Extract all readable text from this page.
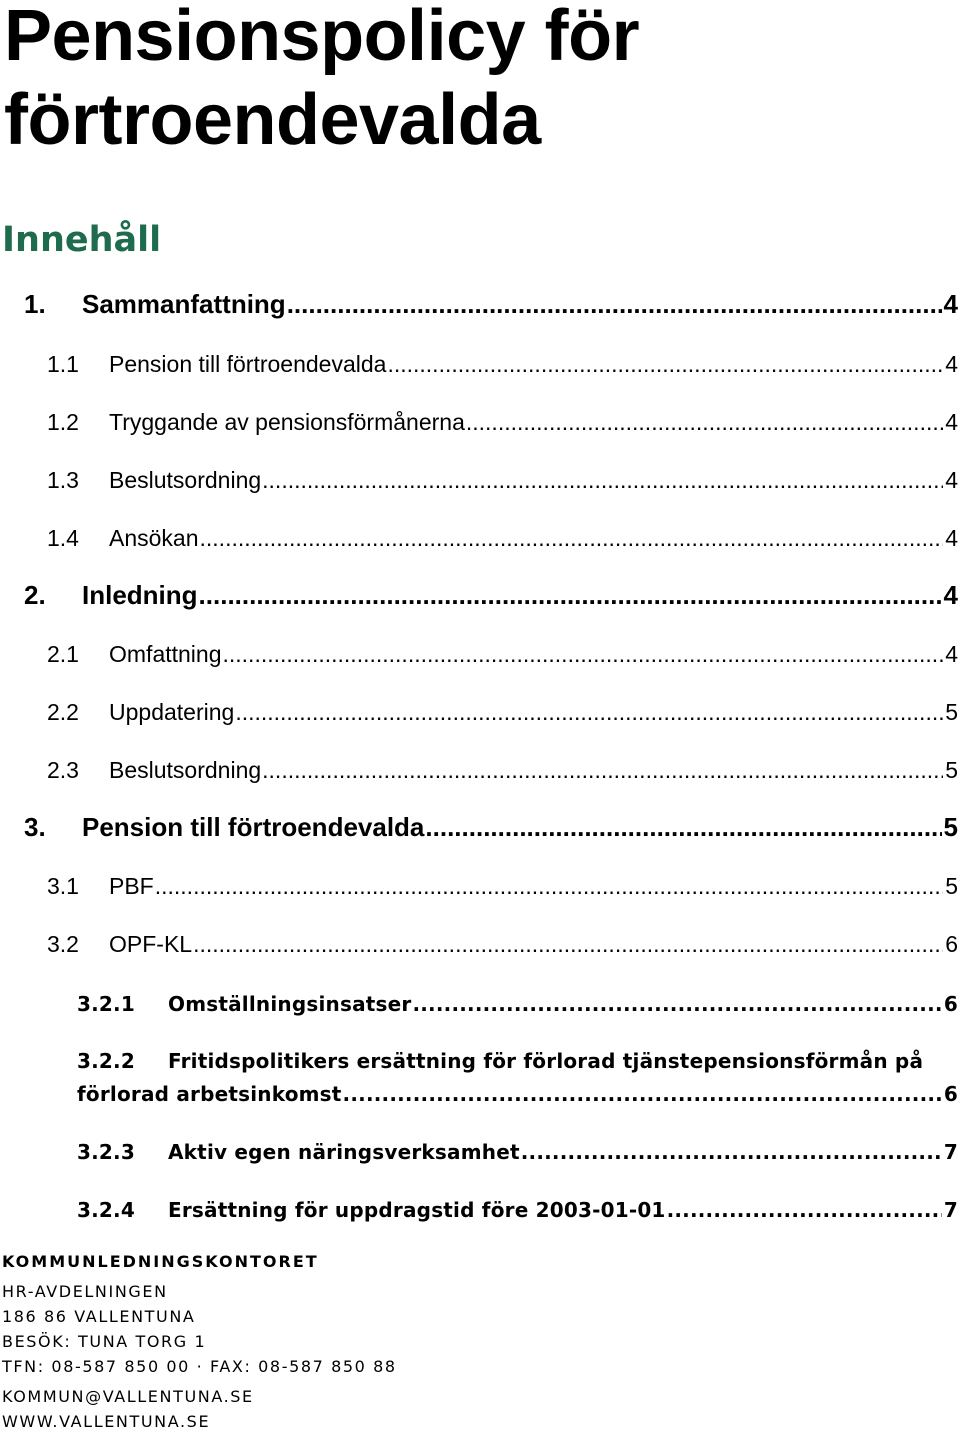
Pensionspolicy för
förtroendevalda
Innehåll
1.	Sammanfattning .....	4
1.1	Pension till förtroendevalda .....	4
1.2	Tryggande av pensionsförmånerna .....	4
1.3	Beslutsordning .....	4
1.4	Ansökan .....	4
2.	Inledning .....	4
2.1	Omfattning .....	4
2.2	Uppdatering .....	5
2.3	Beslutsordning .....	5
3.	Pension till förtroendevalda .....	5
3.1	PBF .....	5
3.2	OPF-KL .....	6
3.2.1	Omställningsinsatser .....	6
3.2.2	Fritidspolitikers ersättning för förlorad tjänstepensionsförmån på
förlorad arbetsinkomst .....	6
3.2.3	Aktiv egen näringsverksamhet .....	7
3.2.4	Ersättning för uppdragstid före 2003-01-01 .....	7
KOMMUNLEDNINGSKONTORET
HR-AVDELNINGEN
186 86 VALLENTUNA
BESÖK: TUNA TORG 1
TFN: 08-587 850 00 · FAX: 08-587 850 88
KOMMUN@VALLENTUNA.SE
WWW.VALLENTUNA.SE
